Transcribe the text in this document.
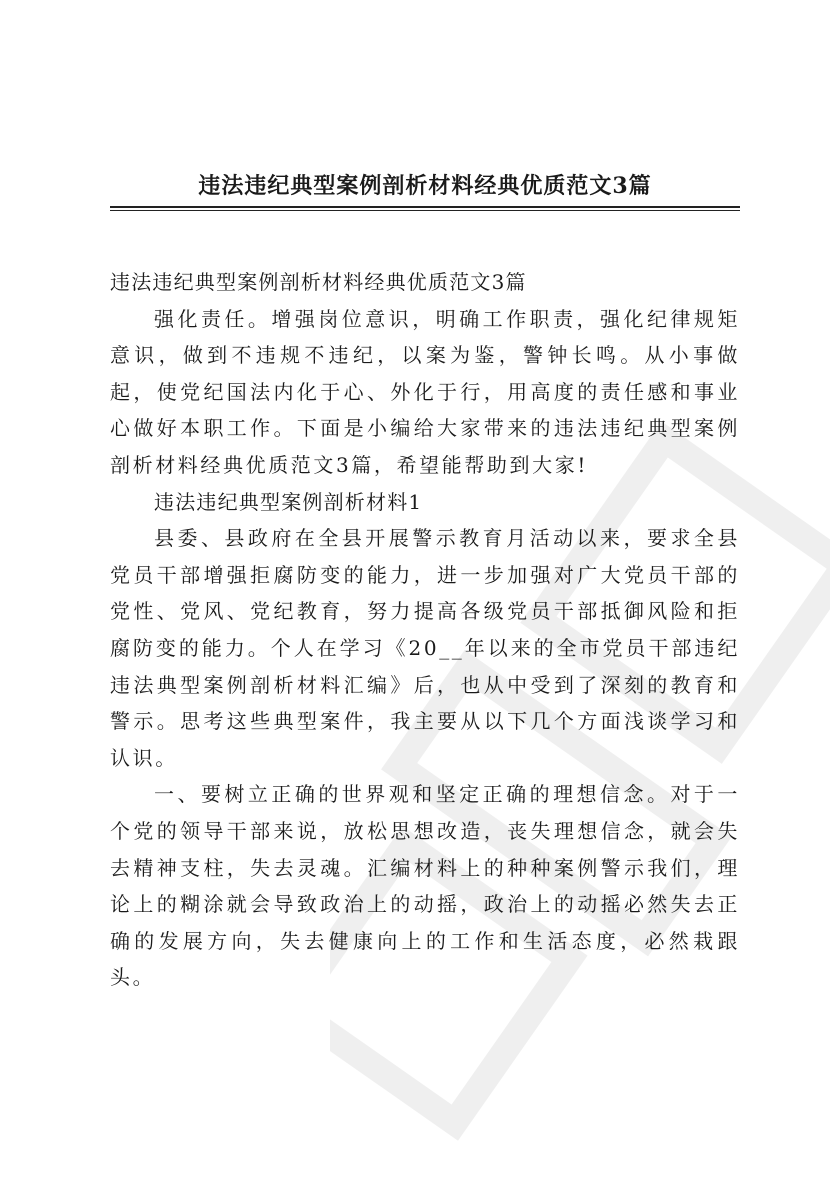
违法违纪典型案例剖析材料经典优质范文3篇

违法违纪典型案例剖析材料经典优质范文3篇

强化责任。增强岗位意识，明确工作职责，强化纪律规矩意识，做到不违规不违纪，以案为鉴，警钟长鸣。从小事做起，使党纪国法内化于心、外化于行，用高度的责任感和事业心做好本职工作。下面是小编给大家带来的违法违纪典型案例剖析材料经典优质范文3篇，希望能帮助到大家!

违法违纪典型案例剖析材料1

县委、县政府在全县开展警示教育月活动以来，要求全县党员干部增强拒腐防变的能力，进一步加强对广大党员干部的党性、党风、党纪教育，努力提高各级党员干部抵御风险和拒腐防变的能力。个人在学习《20__年以来的全市党员干部违纪违法典型案例剖析材料汇编》后，也从中受到了深刻的教育和警示。思考这些典型案件，我主要从以下几个方面浅谈学习和认识。

一、要树立正确的世界观和坚定正确的理想信念。对于一个党的领导干部来说，放松思想改造，丧失理想信念，就会失去精神支柱，失去灵魂。汇编材料上的种种案例警示我们，理论上的糊涂就会导致政治上的动摇，政治上的动摇必然失去正确的发展方向，失去健康向上的工作和生活态度，必然栽跟头。
